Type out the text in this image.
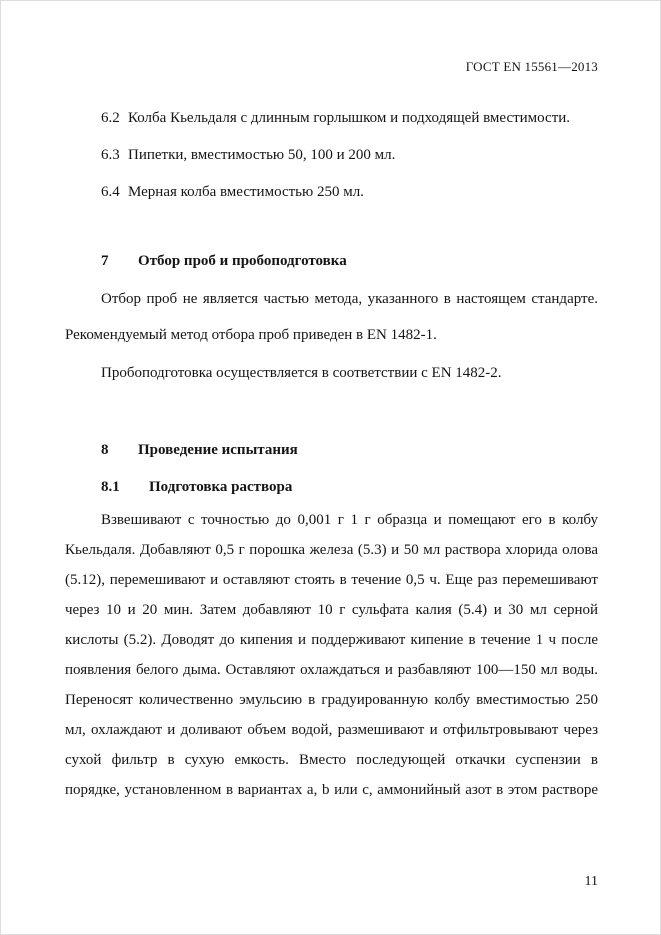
ГОСТ EN 15561—2013

6.2 Колба Кьельдаля с длинным горлышком и подходящей вместимости.

6.3 Пипетки, вместимостью 50, 100 и 200 мл.

6.4 Мерная колба вместимостью 250 мл.

7 Отбор проб и пробоподготовка

Отбор проб не является частью метода, указанного в настоящем стандарте. Рекомендуемый метод отбора проб приведен в EN 1482-1.

Пробоподготовка осуществляется в соответствии с EN 1482-2.

8 Проведение испытания

8.1 Подготовка раствора

Взвешивают с точностью до 0,001 г 1 г образца и помещают его в колбу Кьельдаля. Добавляют 0,5 г порошка железа (5.3) и 50 мл раствора хлорида олова (5.12), перемешивают и оставляют стоять в течение 0,5 ч. Еще раз перемешивают через 10 и 20 мин. Затем добавляют 10 г сульфата калия (5.4) и 30 мл серной кислоты (5.2). Доводят до кипения и поддерживают кипение в течение 1 ч после появления белого дыма. Оставляют охлаждаться и разбавляют 100—150 мл воды. Переносят количественно эмульсию в градуированную колбу вместимостью 250 мл, охлаждают и доливают объем водой, размешивают и отфильтровывают через сухой фильтр в сухую емкость. Вместо последующей откачки суспензии в порядке, установленном в вариантах a, b или c, аммонийный азот в этом растворе

11
